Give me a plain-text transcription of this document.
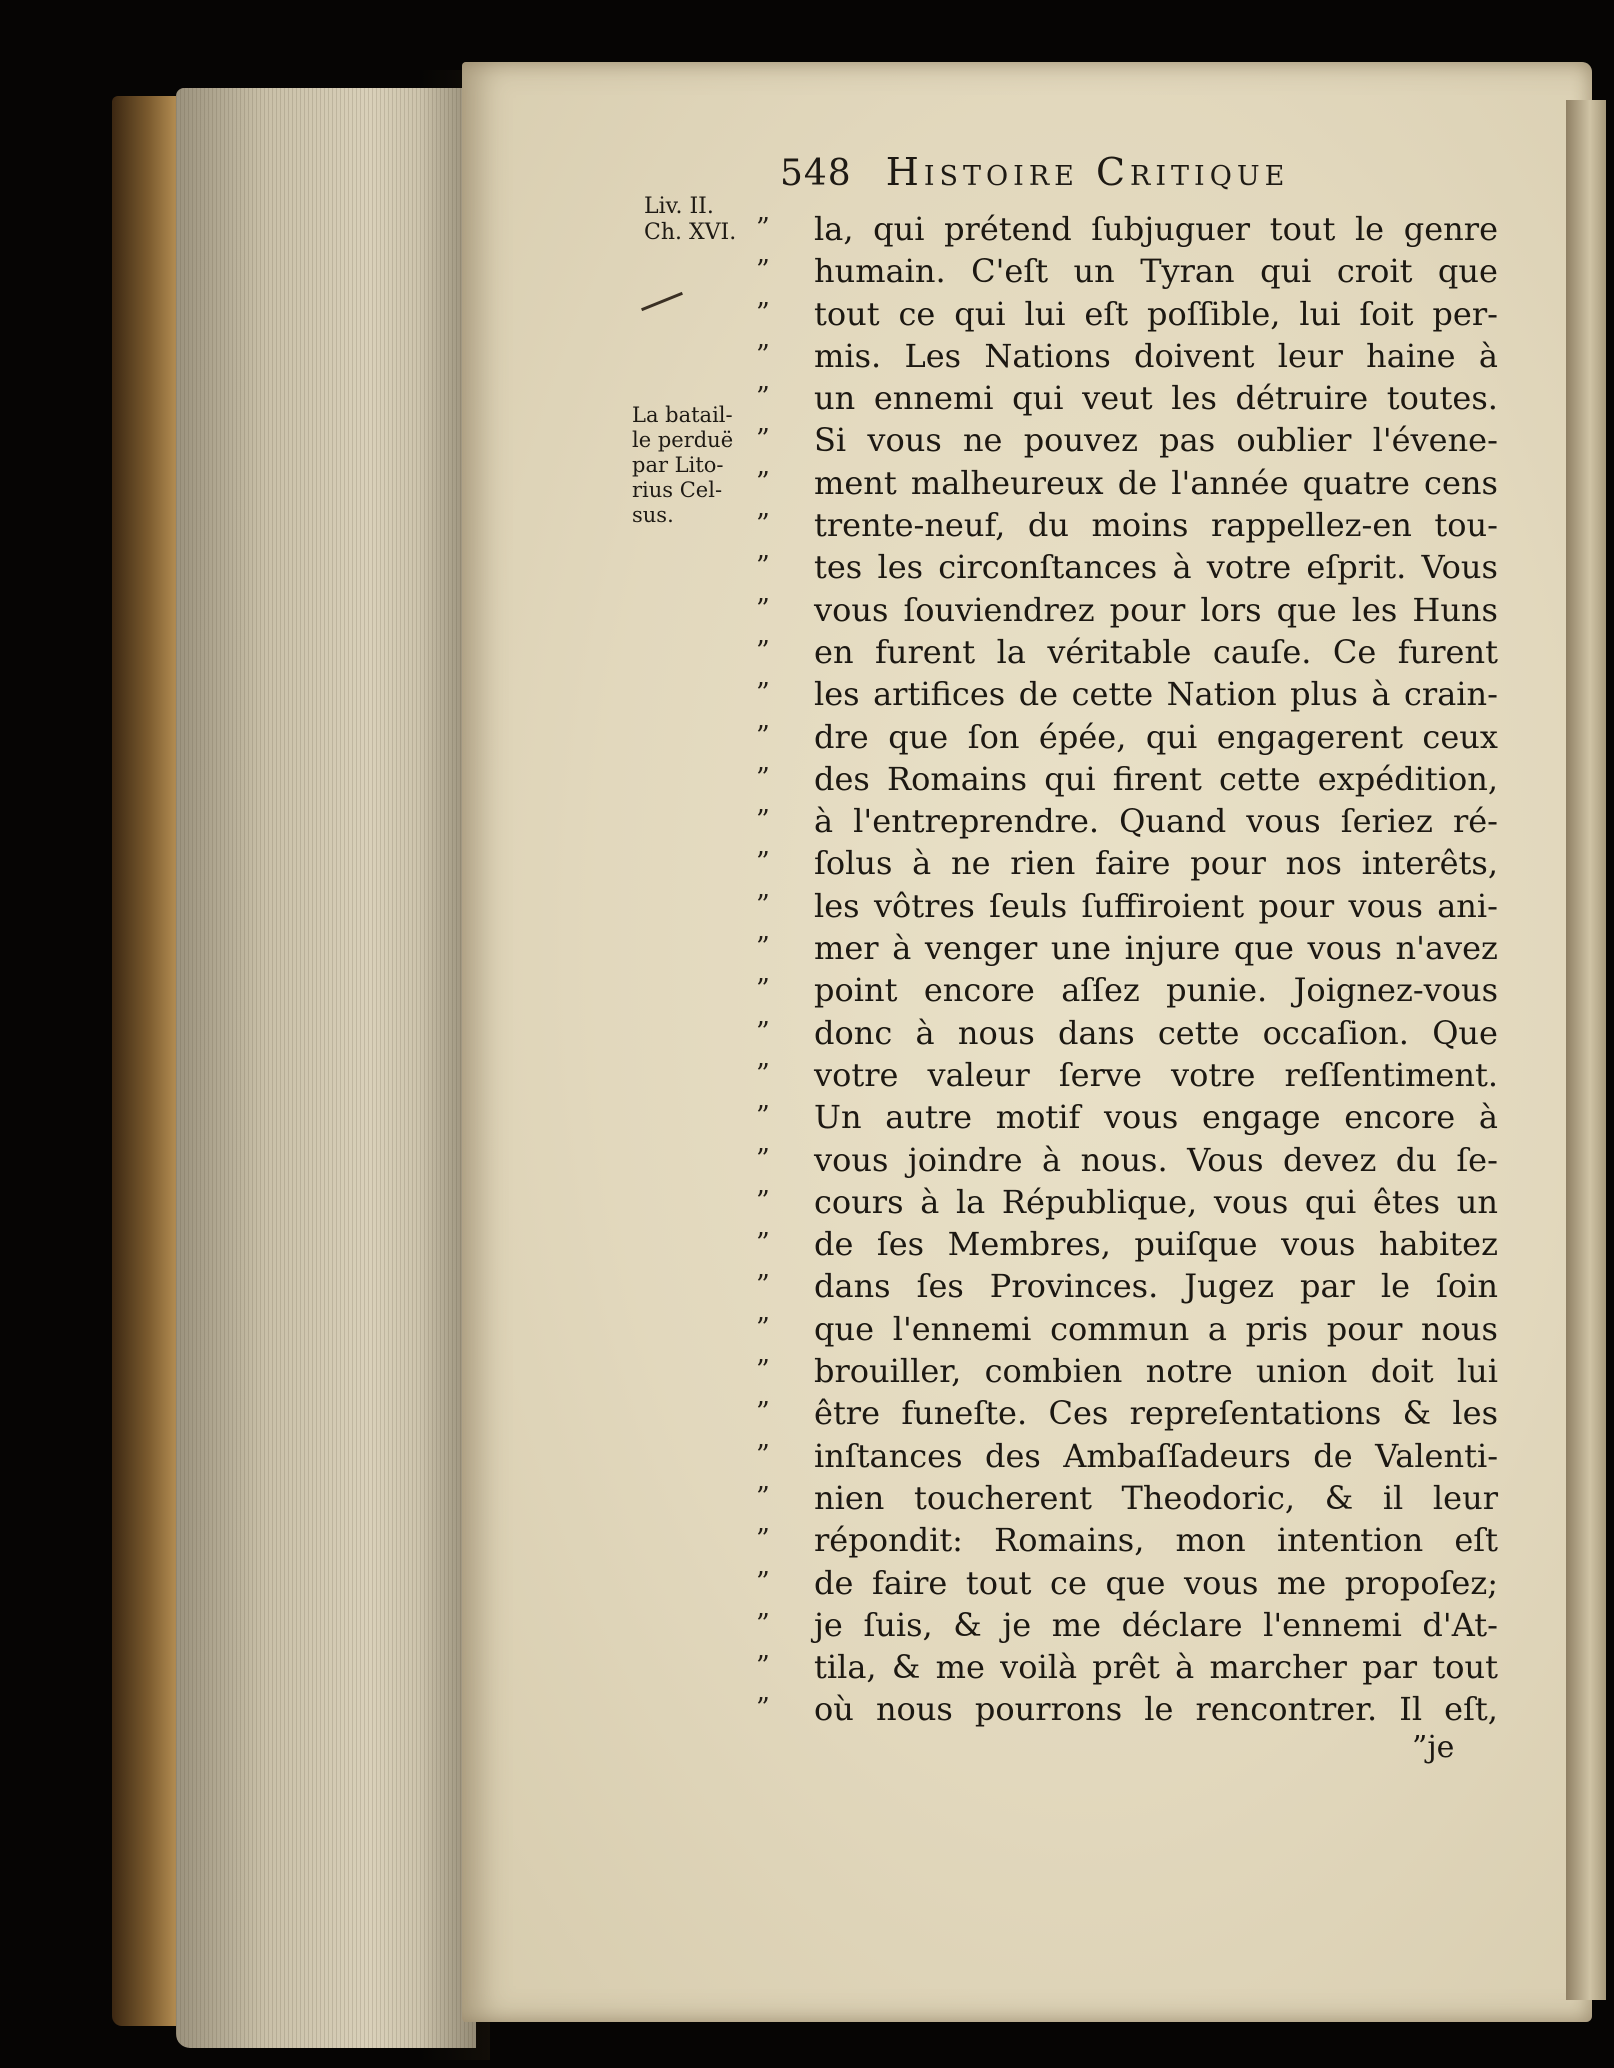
548 Histoire Critique
Liv. II.
Ch. XVI.
La batail-
le perduë
par Lito-
rius Cel-
sus.
”
”
”
”
”
”
”
”
”
”
”
”
”
”
”
”
”
”
”
”
”
”
”
”
”
”
”
”
”
”
”
”
”
”
”
”
la, qui prétend ſubjuguer tout le genre
humain. C'eſt un Tyran qui croit que
tout ce qui lui eſt poſſible, lui ſoit per-
mis. Les Nations doivent leur haine à
un ennemi qui veut les détruire toutes.
Si vous ne pouvez pas oublier l'évene-
ment malheureux de l'année quatre cens
trente-neuf, du moins rappellez-en tou-
tes les circonſtances à votre eſprit. Vous
vous ſouviendrez pour lors que les Huns
en furent la véritable cauſe. Ce furent
les artifices de cette Nation plus à crain-
dre que ſon épée, qui engagerent ceux
des Romains qui firent cette expédition,
à l'entreprendre. Quand vous ſeriez ré-
ſolus à ne rien faire pour nos interêts,
les vôtres ſeuls ſuffiroient pour vous ani-
mer à venger une injure que vous n'avez
point encore aſſez punie. Joignez-vous
donc à nous dans cette occaſion. Que
votre valeur ſerve votre reſſentiment.
Un autre motif vous engage encore à
vous joindre à nous. Vous devez du ſe-
cours à la République, vous qui êtes un
de ſes Membres, puiſque vous habitez
dans ſes Provinces. Jugez par le ſoin
que l'ennemi commun a pris pour nous
brouiller, combien notre union doit lui
être funeſte. Ces repreſentations & les
inſtances des Ambaſſadeurs de Valenti-
nien toucherent Theodoric, & il leur
répondit: Romains, mon intention eſt
de faire tout ce que vous me propoſez;
je ſuis, & je me déclare l'ennemi d'At-
tila, & me voilà prêt à marcher par tout
où nous pourrons le rencontrer. Il eſt,
”je
